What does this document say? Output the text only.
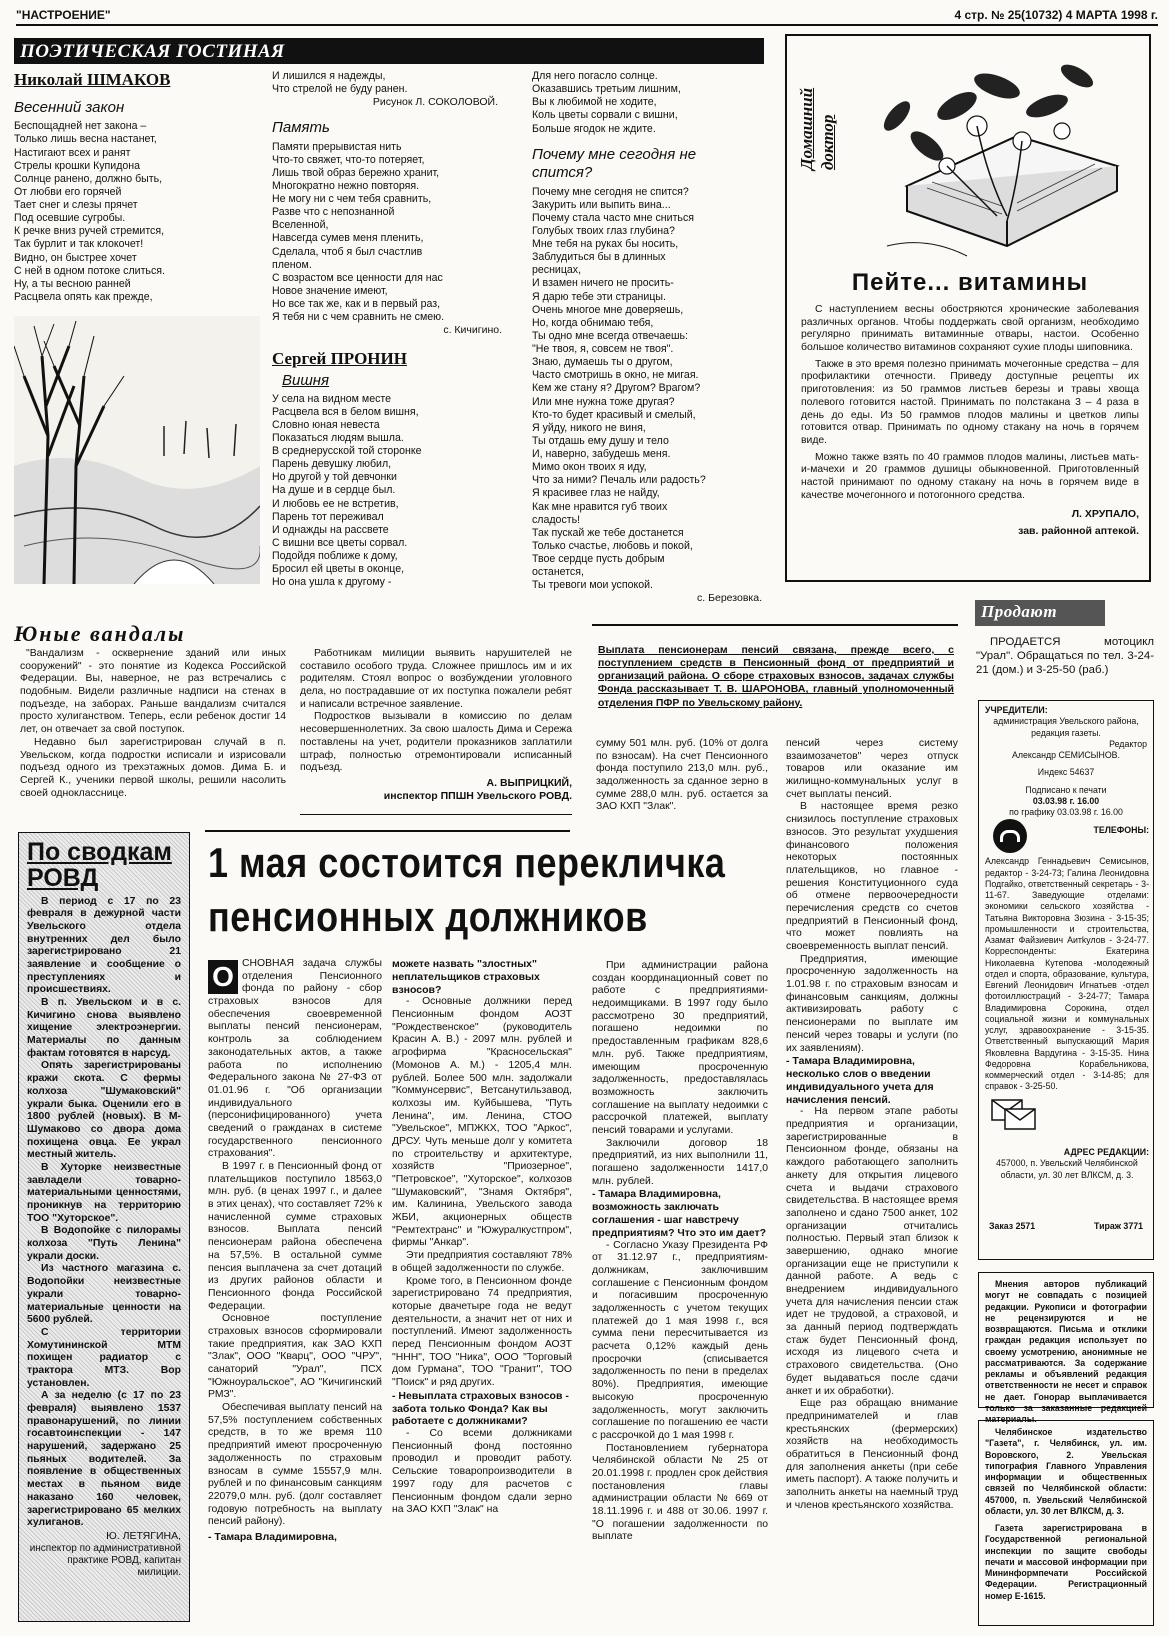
"НАСТРОЕНИЕ"	4 стр. № 25(10732) 4 МАРТА 1998 г.
ПОЭТИЧЕСКАЯ ГОСТИНАЯ
Николай ШМАКОВ
Весенний закон
Беспощадней нет закона –
Только лишь весна настанет,
Настигают всех и ранят
Стрелы крошки Купидона
Солнце ранено, должно быть,
От любви его горячей
Тает снег и слезы прячет
Под осевшие сугробы.
К речке вниз ручей стремится,
Так бурлит и так клокочет!
Видно, он быстрее хочет
С ней в одном потоке слиться.
Ну, а ты весною ранней
Расцвела опять как прежде,
И лишился я надежды,
Что стрелой не буду ранен.
Рисунок Л. СОКОЛОВОЙ.
Память
Памяти прерывистая нить
Что-то свяжет, что-то потеряет,
Лишь твой образ бережно хранит,
Многократно нежно повторяя.
Не могу ни с чем тебя сравнить,
Разве что с непознанной
Вселенной,
Навсегда сумев меня пленить,
Сделала, чтоб я был счастлив
пленом.
С возрастом все ценности для нас
Новое значение имеют,
Но все так же, как и в первый раз,
Я тебя ни с чем сравнить не смею.
с. Кичигино.
Сергей ПРОНИН
Вишня
У села на видном месте
Расцвела вся в белом вишня,
Словно юная невеста
Показаться людям вышла.
В среднерусской той сторонке
Парень девушку любил,
Но другой у той девчонки
На душе и в сердце был.
И любовь ее не встретив,
Парень тот переживал
И однажды на рассвете
С вишни все цветы сорвал.
Подойдя поближе к дому,
Бросил ей цветы в оконце,
Но она ушла к другому -
Для него погасло солнце.
Оказавшись третьим лишним,
Вы к любимой не ходите,
Коль цветы сорвали с вишни,
Больше ягодок не ждите.
Почему мне сегодня не спится?
Почему мне сегодня не спится?
Закурить или выпить вина...
Почему стала часто мне сниться
Голубых твоих глаз глубина?
Мне тебя на руках бы носить,
Заблудиться бы в длинных
ресницах,
И взамен ничего не просить-
Я дарю тебе эти страницы.
Очень многое мне доверяешь,
Но, когда обнимаю тебя,
Ты одно мне всегда отвечаешь:
"Не твоя, я, совсем не твоя".
Знаю, думаешь ты о другом,
Часто смотришь в окно, не мигая.
Кем же стану я? Другом? Врагом?
Или мне нужна тоже другая?
Кто-то будет красивый и смелый,
Я уйду, никого не виня,
Ты отдашь ему душу и тело
И, наверно, забудешь меня.
Мимо окон твоих я иду,
Что за ними? Печаль или радость?
Я красивее глаз не найду,
Как мне нравится губ твоих
сладость!
Так пускай же тебе достанется
Только счастье, любовь и покой,
Твое сердце пусть добрым
останется,
Ты тревоги мои успокой.
с. Березовка.
Домашний доктор
Пейте... витамины
С наступлением весны обостряются хронические заболевания различных органов. Чтобы поддержать свой организм, необходимо регулярно принимать витаминные отвары, настои. Особенно большое количество витаминов сохраняют сухие плоды шиповника.
Также в это время полезно принимать мочегонные средства – для профилактики отечности. Приведу доступные рецепты их приготовления: из 50 граммов листьев березы и травы хвоща полевого готовится настой. Принимать по полстакана 3 – 4 раза в день до еды. Из 50 граммов плодов малины и цветков липы готовится отвар. Принимать по одному стакану на ночь в горячем виде.
Можно также взять по 40 граммов плодов малины, листьев мать-и-мачехи и 20 граммов душицы обыкновенной. Приготовленный настой принимают по одному стакану на ночь в горячем виде в качестве мочегонного и потогонного средства.
Л. ХРУПАЛО,
зав. районной аптекой.
Юные вандалы
"Вандализм - осквернение зданий или иных сооружений" - это понятие из Кодекса Российской Федерации. Вы, наверное, не раз встречались с подобным. Видели различные надписи на стенах в подъезде, на заборах. Раньше вандализм считался просто хулиганством. Теперь, если ребенок достиг 14 лет, он отвечает за свой поступок.
Недавно был зарегистрирован случай в п. Увельском, когда подростки исписали и изрисовали подъезд одного из трехэтажных домов. Дима Б. и Сергей К., ученики первой школы, решили насолить своей однокласснице.
Работникам милиции выявить нарушителей не составило особого труда. Сложнее пришлось им и их родителям. Стоял вопрос о возбуждении уголовного дела, но пострадавшие от их поступка пожалели ребят и написали встречное заявление.
Подростков вызывали в комиссию по делам несовершеннолетних. За свою шалость Дима и Сережа поставлены на учет, родители проказников заплатили штраф, полностью отремонтировали исписанный подъезд.
А. ВЫПРИЦКИЙ,
инспектор ППШН Увельского РОВД.
Продают
ПРОДАЕТСЯ мотоцикл "Урал". Обращаться по тел. 3-24-21 (дом.) и 3-25-50 (раб.)
Выплата пенсионерам пенсий связана, прежде всего, с поступлением средств в Пенсионный фонд от предприятий и организаций района. О сборе страховых взносов, задачах службы Фонда рассказывает Т. В. ШАРОНОВА, главный уполномоченный отделения ПФР по Увельскому району.
1 мая состоится перекличка
пенсионных должников
По сводкам РОВД
В период с 17 по 23 февраля в дежурной части Увельского отдела внутренних дел было зарегистрировано 21 заявление и сообщение о преступлениях и происшествиях.
В п. Увельском и в с. Кичигино снова выявлено хищение электроэнергии. Материалы по данным фактам готовятся в нарсуд.
Опять зарегистрированы кражи скота. С фермы колхоза "Шумаковский" украли быка. Оценили его в 1800 рублей (новых). В М-Шумаково со двора дома похищена овца. Ее украл местный житель.
В Хуторке неизвестные завладели товарно-материальными ценностями, проникнув на территорию ТОО "Хуторское".
В Водопойке с пилорамы колхоза "Путь Ленина" украли доски.
Из частного магазина с. Водопойки неизвестные украли товарно-материальные ценности на 5600 рублей.
С территории Хомутининской МТМ похищен радиатор с трактора МТЗ. Вор установлен.
А за неделю (с 17 по 23 февраля) выявлено 1537 правонарушений, по линии госавтоинспекции - 147 нарушений, задержано 25 пьяных водителей. За появление в общественных местах в пьяном виде наказано 160 человек, зарегистрировано 65 мелких хулиганов.
Ю. ЛЕТЯГИНА,
инспектор по административной практике РОВД, капитан милиции.
О СНОВНАЯ задача службы отделения Пенсионного фонда по району - сбор страховых взносов для обеспечения своевременной выплаты пенсий пенсионерам, контроль за соблюдением законодательных актов, а также работа по исполнению Федерального закона № 27-ФЗ от 01.01.96 г. "Об организации индивидуального (персонифицированного) учета сведений о гражданах в системе государственного пенсионного страхования".
В 1997 г. в Пенсионный фонд от плательщиков поступило 18563,0 млн. руб. (в ценах 1997 г., и далее в этих ценах), что составляет 72% к начисленной сумме страховых взносов. Выплата пенсий пенсионерам района обеспечена на 57,5%. В остальной сумме пенсия выплачена за счет дотаций из других районов области и Пенсионного фонда Российской Федерации.
Основное поступление страховых взносов сформировали такие предприятия, как ЗАО КХП "Злак", ООО "Кварц", ООО "ЧРУ", санаторий "Урал", ПСХ "Южноуральское", АО "Кичигинский РМЗ".
Обеспечивая выплату пенсий на 57,5% поступлением собственных средств, в то же время 110 предприятий имеют просроченную задолженность по страховым взносам в сумме 15557,9 млн. рублей и по финансовым санкциям 22079,0 млн. руб. (долг составляет годовую потребность на выплату пенсий району).
- Тамара Владимировна,
можете назвать "злостных" неплательщиков страховых взносов?
- Основные должники перед Пенсионным фондом АОЗТ "Рождественское" (руководитель Красин А. В.) - 2097 млн. рублей и агрофирма "Красносельская" (Момонов А. М.) - 1205,4 млн. рублей. Более 500 млн. задолжали "Коммунсервис", Ветсанутильзавод, колхозы им. Куйбышева, "Путь Ленина", им. Ленина, СТОО "Увельское", МПЖКХ, ТОО "Аркос", ДРСУ. Чуть меньше долг у комитета по строительству и архитектуре, хозяйств "Приозерное", "Петровское", "Хуторское", колхозов "Шумаковский", "Знамя Октября", им. Калинина, Увельского завода ЖБИ, акционерных обществ "Ремтехтранс" и "Южуралкустпром", фирмы "Анкар".
Эти предприятия составляют 78% в общей задолженности по службе.
Кроме того, в Пенсионном фонде зарегистрировано 74 предприятия, которые двачетыре года не ведут деятельности, а значит нет от них и поступлений. Имеют задолженность перед Пенсионным фондом АОЗТ "ННН", ТОО "Ника", ООО "Торговый дом Гурмана", ТОО "Гранит", ТОО "Поиск" и ряд других.
- Невыплата страховых взносов - забота только Фонда? Как вы работаете с должниками?
- Со всеми должниками Пенсионный фонд постоянно проводил и проводит работу. Сельские товаропроизводители в 1997 году для расчетов с Пенсионным фондом сдали зерно на ЗАО КХП "Злак" на
сумму 501 млн. руб. (10% от долга по взносам). На счет Пенсионного фонда поступило 213,0 млн. руб., задолженность за сданное зерно в сумме 288,0 млн. руб. остается за ЗАО КХП "Злак".
При администрации района создан координационный совет по работе с предприятиями-недоимщиками. В 1997 году было рассмотрено 30 предприятий, погашено недоимки по предоставленным графикам 828,6 млн. руб. Также предприятиям, имеющим просроченную задолженность, предоставлялась возможность заключить соглашение на выплату недоимки с рассрочкой платежей, выплату пенсий товарами и услугами.
Заключили договор 18 предприятий, из них выполнили 11, погашено задолженности 1417,0 млн. рублей.
- Тамара Владимировна, возможность заключать соглашения - шаг навстречу предприятиям? Что это им дает?
- Согласно Указу Президента РФ от 31.12.97 г., предприятиям-должникам, заключившим соглашение с Пенсионным фондом и погасившим просроченную задолженность с учетом текущих платежей до 1 мая 1998 г., вся сумма пени пересчитывается из расчета 0,12% каждый день просрочки (списывается задолженность по пени в пределах 80%). Предприятия, имеющие высокую просроченную задолженность, могут заключить соглашение по погашению ее части с рассрочкой до 1 мая 1998 г.
Постановлением губернатора Челябинской области № 25 от 20.01.1998 г. продлен срок действия постановления главы администрации области № 669 от 18.11.1996 г. и 488 от 30.06. 1997 г. "О погашении задолженности по выплате
пенсий через систему взаимозачетов" через отпуск товаров или оказание им жилищно-коммунальных услуг в счет выплаты пенсий.
В настоящее время резко снизилось поступление страховых взносов. Это результат ухудшения финансового положения некоторых постоянных плательщиков, но главное - решения Конституционного суда об отмене первоочередности перечисления средств со счетов предприятий в Пенсионный фонд, что может повлиять на своевременность выплат пенсий.
Предприятия, имеющие просроченную задолженность на 1.01.98 г. по страховым взносам и финансовым санкциям, должны активизировать работу с пенсионерами по выплате им пенсий через товары и услуги (по их заявлениям).
- Тамара Владимировна, несколько слов о введении индивидуального учета для начисления пенсий.
- На первом этапе работы предприятия и организации, зарегистрированные в Пенсионном фонде, обязаны на каждого работающего заполнить анкету для открытия лицевого счета и выдачи страхового свидетельства. В настоящее время заполнено и сдано 7500 анкет, 102 организации отчитались полностью. Первый этап близок к завершению, однако многие организации еще не приступили к данной работе. А ведь с внедрением индивидуального учета для начисления пенсии стаж идет не трудовой, а страховой, и за данный период подтверждать стаж будет Пенсионный фонд, исходя из лицевого счета и страхового свидетельства. (Оно будет выдаваться после сдачи анкет и их обработки).
Еще раз обращаю внимание предпринимателей и глав крестьянских (фермерских) хозяйств на необходимость обратиться в Пенсионный фонд для заполнения анкеты (при себе иметь паспорт). А также получить и заполнить анкеты на наемный труд и членов крестьянского хозяйства.
УЧРЕДИТЕЛИ:
администрация Увельского района, редакция газеты.
Редактор
Александр СЕМИСЫНОВ.
Индекс 54637
Подписано к печати
03.03.98 г. 16.00
по графику 03.03.98 г. 16.00
ТЕЛЕФОНЫ:
Александр Геннадьевич Семисынов, редактор - 3-24-73; Галина Леонидовна Подгайко, ответственный секретарь - 3-11-67. Заведующие отделами: экономики сельского хозяйства - Татьяна Викторовна Зюзина - 3-15-35; промышленности и строительства, Азамат Файзиевич Аитkулов - 3-24-77. Корреспонденты: Екатерина Николаевна Кутепова -молодежный отдел и спорта, образование, культура, Евгений Леонидович Игнатьев -отдел фотоиллюстраций - 3-24-77; Тамара Владимировна Сорокина, отдел социальной жизни и коммунальных услуг, здравоохранение - 3-15-35. Ответственный выпускающий Мария Яковлевна Вардугина - 3-15-35. Нина Федоровна Корабельникова, коммерческий отдел - 3-14-85; для справок - 3-25-50.
АДРЕС РЕДАКЦИИ:
457000, п. Увельский Челябинской области, ул. 30 лет ВЛКСМ, д. 3.
Заказ 2571	Тираж 3771
Мнения авторов публикаций могут не совпадать с позицией редакции. Рукописи и фотографии не рецензируются и не возвращаются. Письма и отклики граждан редакция использует по своему усмотрению, анонимные не рассматриваются. За содержание рекламы и объявлений редакция ответственности не несет и справок не дает. Гонорар выплачивается только за заказанные редакцией материалы.
Челябинское издательство "Газета", г. Челябинск, ул. им. Воровского, 2. Увельская типография Главного Управления информации и общественных связей по Челябинской области: 457000, п. Увельский Челябинской области, ул. 30 лет ВЛКСМ, д. 3.
Газета зарегистрирована в Государственной региональной инспекции по защите свободы печати и массовой информации при Мининформпечати Российской Федерации. Регистрационный номер Е-1615.
